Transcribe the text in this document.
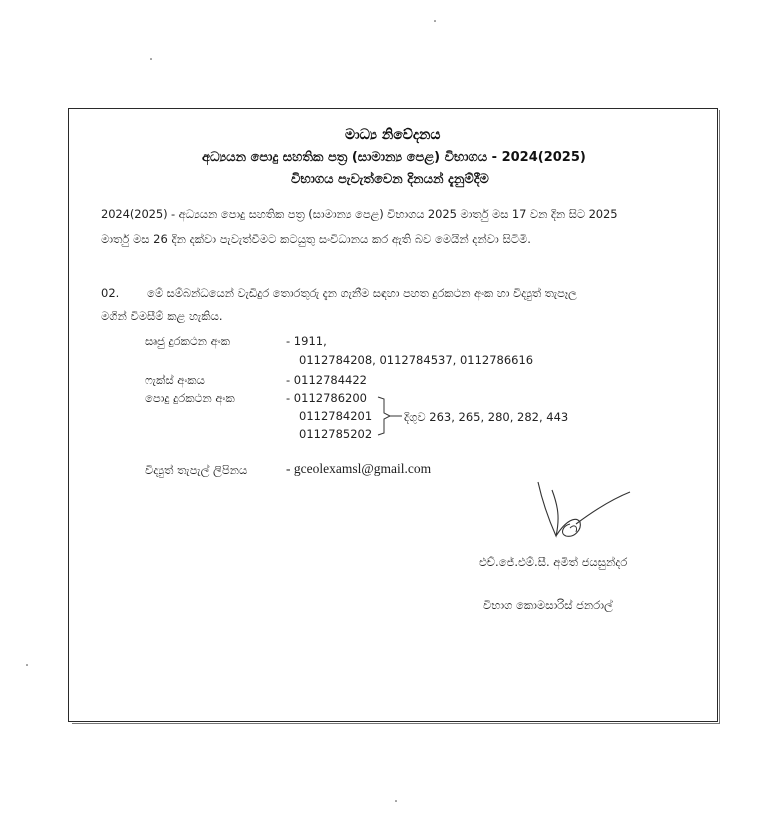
මාධ්‍ය නිවේදනය
අධ්‍යයන පොදු සහතික පත්‍ර (සාමාන්‍ය පෙළ) විභාගය - 2024(2025)
විභාගය පැවැත්වෙන දිනයන් දැනුම්දීම
2024(2025) - අධ්‍යයන පොදු සහතික පත්‍ර (සාමාන්‍ය පෙළ) විභාගය 2025 මාර්තු මස 17 වන දින සිට 2025
මාර්තු මස 26 දින දක්වා පැවැත්වීමට කටයුතු සංවිධානය කර ඇති බව මෙයින් දන්වා සිටිමි.
02. මේ සම්බන්ධයෙන් වැඩිදුර තොරතුරු දැන ගැනීම සඳහා පහත දුරකථන අංක හා විද්‍යුත් තැපෑල
මගින් විමසීම් කළ හැකිය.
සෘජු දුරකථන අංක	- 1911,
0112784208, 0112784537, 0112786616
ෆැක්ස් අංකය	- 0112784422
පොදු දුරකථන අංක	- 0112786200
0112784201
0112785202
දිගුව 263, 265, 280, 282, 443
විද්‍යුත් තැපැල් ලිපිනය	- gceolexamsl@gmail.com
එච්.ජේ.එම්.සී. අමිත් ජයසුන්දර
විභාග කොමසාරිස් ජනරාල්
